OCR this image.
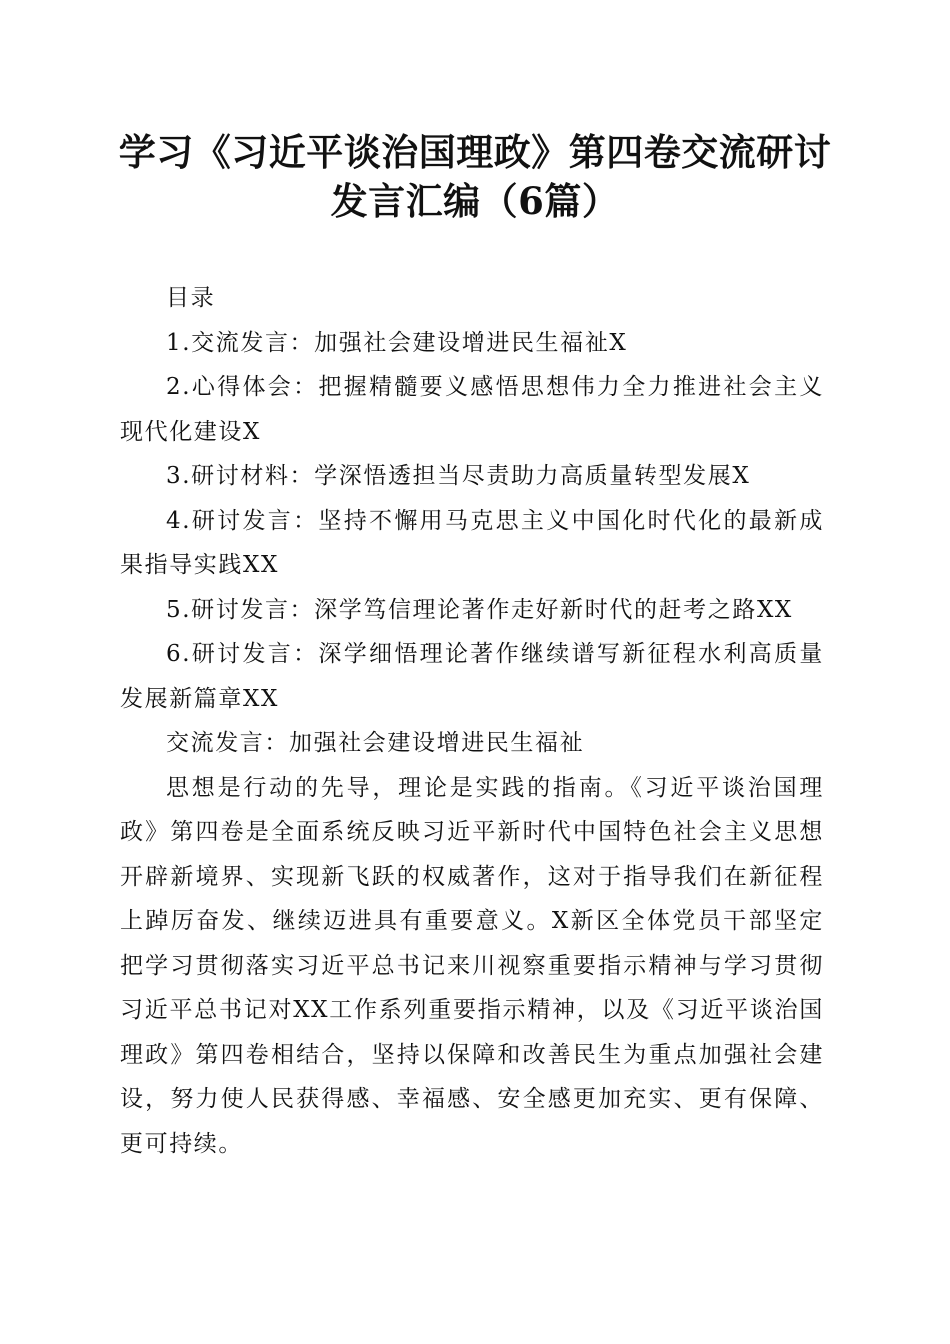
学习《习近平谈治国理政》第四卷交流研讨发言汇编（6篇）

目录

1.交流发言：加强社会建设增进民生福祉X

2.心得体会：把握精髓要义感悟思想伟力全力推进社会主义现代化建设X

3.研讨材料：学深悟透担当尽责助力高质量转型发展X

4.研讨发言：坚持不懈用马克思主义中国化时代化的最新成果指导实践XX

5.研讨发言：深学笃信理论著作走好新时代的赶考之路XX

6.研讨发言：深学细悟理论著作继续谱写新征程水利高质量发展新篇章XX

交流发言：加强社会建设增进民生福祉

思想是行动的先导，理论是实践的指南。《习近平谈治国理政》第四卷是全面系统反映习近平新时代中国特色社会主义思想开辟新境界、实现新飞跃的权威著作，这对于指导我们在新征程上踔厉奋发、继续迈进具有重要意义。X新区全体党员干部坚定把学习贯彻落实习近平总书记来川视察重要指示精神与学习贯彻习近平总书记对XX工作系列重要指示精神，以及《习近平谈治国理政》第四卷相结合，坚持以保障和改善民生为重点加强社会建设，努力使人民获得感、幸福感、安全感更加充实、更有保障、更可持续。
